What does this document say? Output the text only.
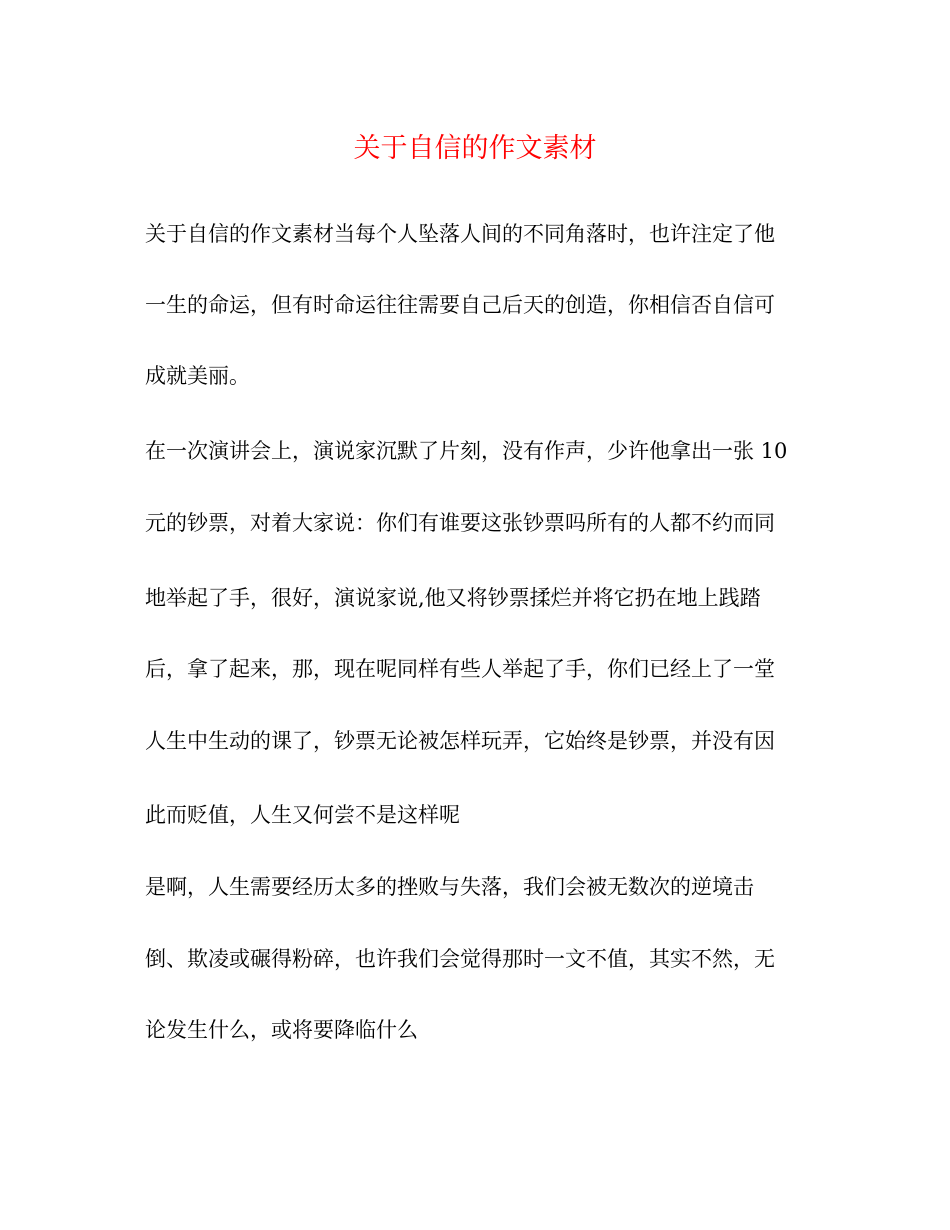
关于自信的作文素材

关于自信的作文素材当每个人坠落人间的不同角落时，也许注定了他

一生的命运，但有时命运往往需要自己后天的创造，你相信否自信可

成就美丽。

在一次演讲会上，演说家沉默了片刻，没有作声，少许他拿出一张 10

元的钞票，对着大家说：你们有谁要这张钞票吗所有的人都不约而同

地举起了手，很好，演说家说,他又将钞票揉烂并将它扔在地上践踏

后，拿了起来，那，现在呢同样有些人举起了手，你们已经上了一堂

人生中生动的课了，钞票无论被怎样玩弄，它始终是钞票，并没有因

此而贬值，人生又何尝不是这样呢

是啊，人生需要经历太多的挫败与失落，我们会被无数次的逆境击

倒、欺凌或碾得粉碎，也许我们会觉得那时一文不值，其实不然，无

论发生什么，或将要降临什么
